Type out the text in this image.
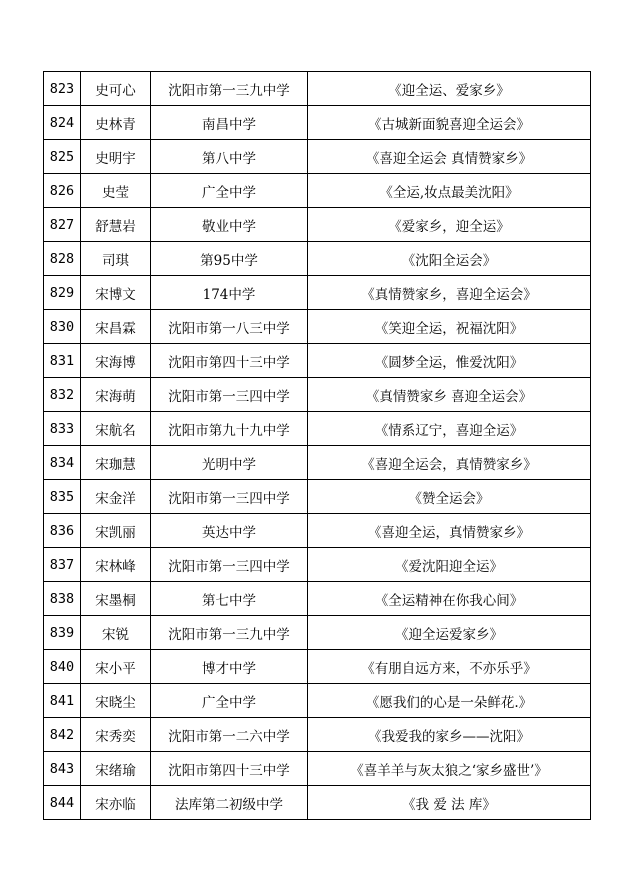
823	史可心	沈阳市第一三九中学	《迎全运、爱家乡》
824	史林青	南昌中学	《古城新面貌喜迎全运会》
825	史明宇	第八中学	《喜迎全运会 真情赞家乡》
826	史莹	广全中学	《全运,妆点最美沈阳》
827	舒慧岩	敬业中学	《爱家乡，迎全运》
828	司琪	第95中学	《沈阳全运会》
829	宋博文	174中学	《真情赞家乡，喜迎全运会》
830	宋昌霖	沈阳市第一八三中学	《笑迎全运，祝福沈阳》
831	宋海博	沈阳市第四十三中学	《圆梦全运，惟爱沈阳》
832	宋海萌	沈阳市第一三四中学	《真情赞家乡 喜迎全运会》
833	宋航名	沈阳市第九十九中学	《情系辽宁，喜迎全运》
834	宋珈慧	光明中学	《喜迎全运会，真情赞家乡》
835	宋金洋	沈阳市第一三四中学	《赞全运会》
836	宋凯丽	英达中学	《喜迎全运，真情赞家乡》
837	宋林峰	沈阳市第一三四中学	《爱沈阳迎全运》
838	宋墨桐	第七中学	《全运精神在你我心间》
839	宋锐	沈阳市第一三九中学	《迎全运爱家乡》
840	宋小平	博才中学	《有朋自远方来，不亦乐乎》
841	宋晓尘	广全中学	《愿我们的心是一朵鲜花.》
842	宋秀奕	沈阳市第一二六中学	《我爱我的家乡——沈阳》
843	宋绪瑜	沈阳市第四十三中学	《喜羊羊与灰太狼之‘家乡盛世’》
844	宋亦临	法库第二初级中学	《我 爱 法 库》
